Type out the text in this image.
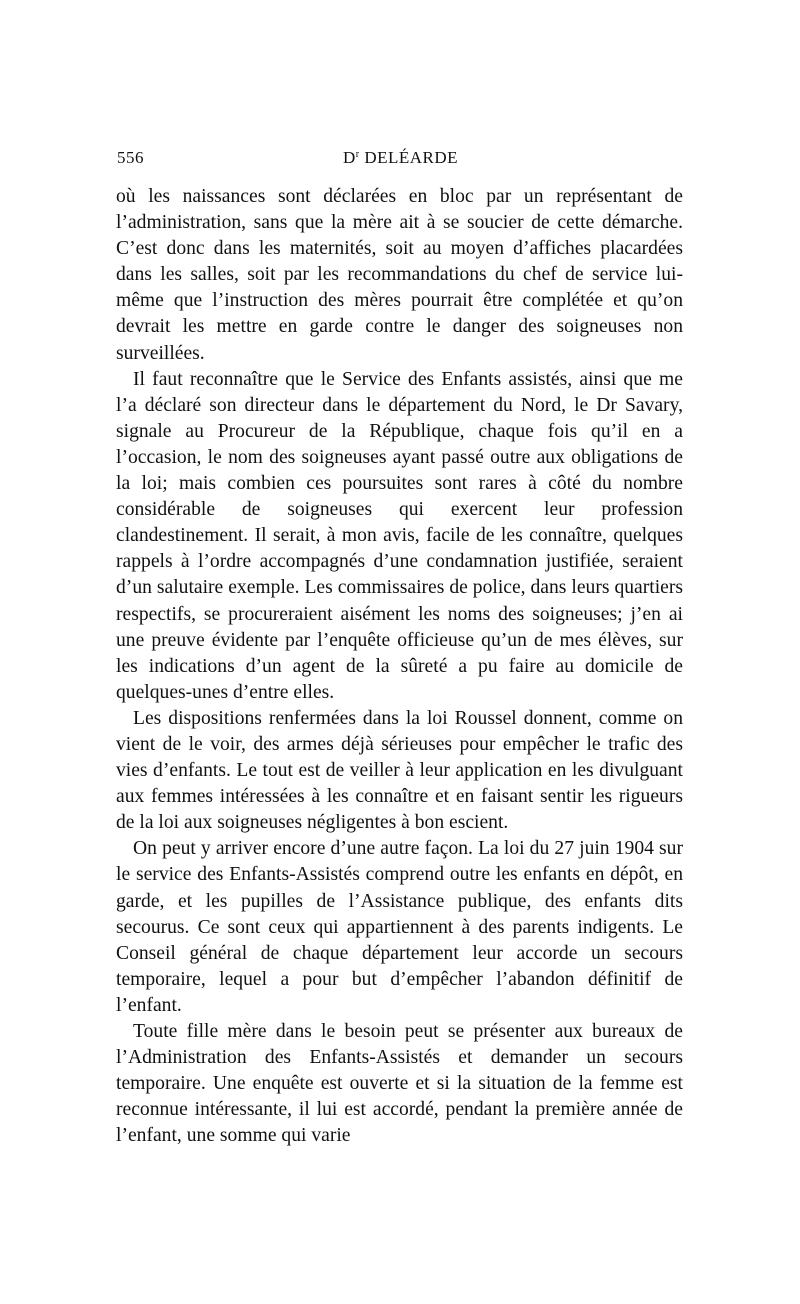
556	$D^r$ DELÉARDE

où les naissances sont déclarées en bloc par un représentant de l’administration, sans que la mère ait à se soucier de cette démarche. C’est donc dans les maternités, soit au moyen d’affiches placardées dans les salles, soit par les recommandations du chef de service lui-même que l’instruction des mères pourrait être complétée et qu’on devrait les mettre en garde contre le danger des soigneuses non surveillées.

Il faut reconnaître que le Service des Enfants assistés, ainsi que me l’a déclaré son directeur dans le département du Nord, le Dr Savary, signale au Procureur de la République, chaque fois qu’il en a l’occasion, le nom des soigneuses ayant passé outre aux obligations de la loi; mais combien ces poursuites sont rares à côté du nombre considérable de soigneuses qui exercent leur profession clandestinement. Il serait, à mon avis, facile de les connaître, quelques rappels à l’ordre accompagnés d’une condamnation justifiée, seraient d’un salutaire exemple. Les commissaires de police, dans leurs quartiers respectifs, se procureraient aisément les noms des soigneuses; j’en ai une preuve évidente par l’enquête officieuse qu’un de mes élèves, sur les indications d’un agent de la sûreté a pu faire au domicile de quelques-unes d’entre elles.

Les dispositions renfermées dans la loi Roussel donnent, comme on vient de le voir, des armes déjà sérieuses pour empêcher le trafic des vies d’enfants. Le tout est de veiller à leur application en les divulguant aux femmes intéressées à les connaître et en faisant sentir les rigueurs de la loi aux soigneuses négligentes à bon escient.

On peut y arriver encore d’une autre façon. La loi du 27 juin 1904 sur le service des Enfants-Assistés comprend outre les enfants en dépôt, en garde, et les pupilles de l’Assistance publique, des enfants dits secourus. Ce sont ceux qui appartiennent à des parents indigents. Le Conseil général de chaque département leur accorde un secours temporaire, lequel a pour but d’empêcher l’abandon définitif de l’enfant.

Toute fille mère dans le besoin peut se présenter aux bureaux de l’Administration des Enfants-Assistés et demander un secours temporaire. Une enquête est ouverte et si la situation de la femme est reconnue intéressante, il lui est accordé, pendant la première année de l’enfant, une somme qui varie
